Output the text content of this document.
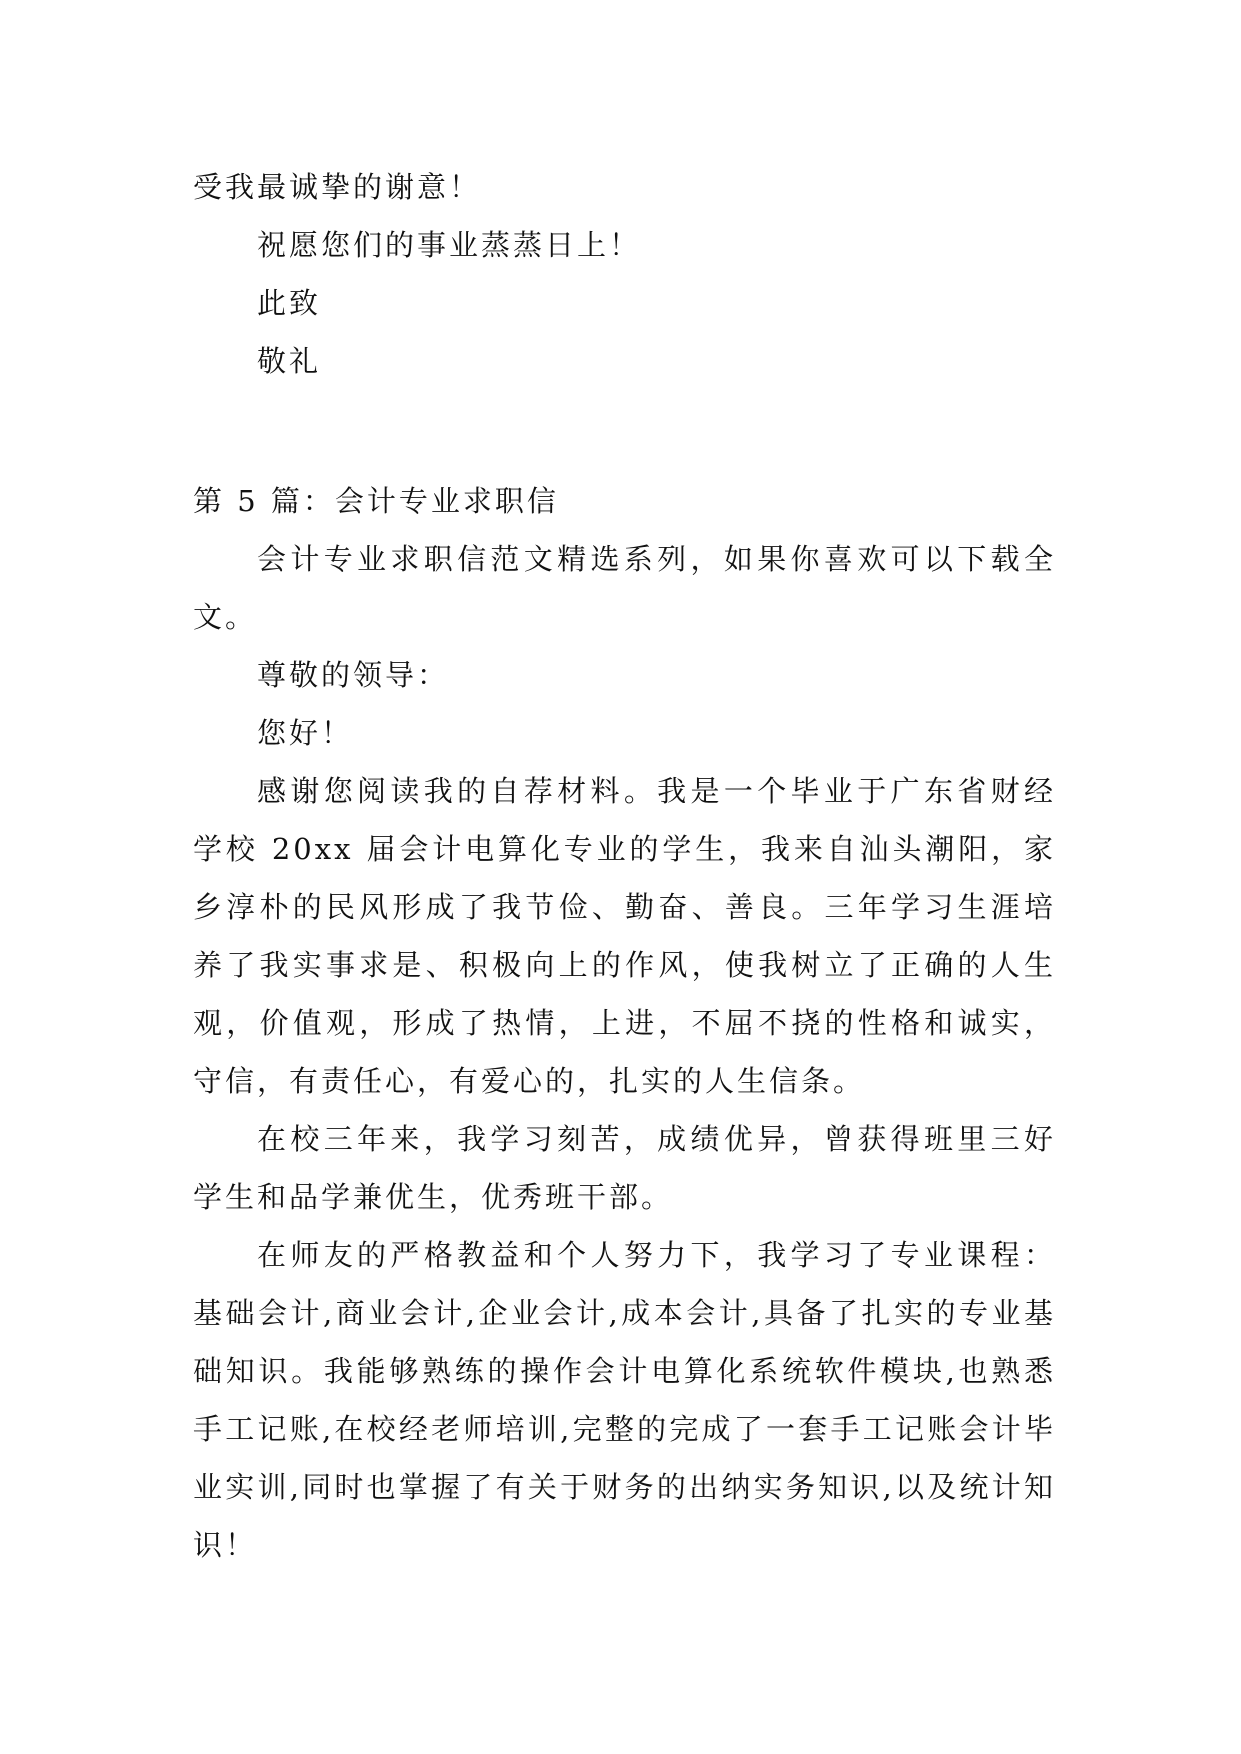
受我最诚挚的谢意！
祝愿您们的事业蒸蒸日上！
此致
敬礼
第 5 篇：会计专业求职信

会计专业求职信范文精选系列，如果你喜欢可以下载全文。

尊敬的领导：
您好！

感谢您阅读我的自荐材料。我是一个毕业于广东省财经学校 20xx 届会计电算化专业的学生，我来自汕头潮阳，家乡淳朴的民风形成了我节俭、勤奋、善良。三年学习生涯培养了我实事求是、积极向上的作风，使我树立了正确的人生观，价值观，形成了热情，上进，不屈不挠的性格和诚实，守信，有责任心，有爱心的，扎实的人生信条。

在校三年来，我学习刻苦，成绩优异，曾获得班里三好学生和品学兼优生，优秀班干部。

在师友的严格教益和个人努力下，我学习了专业课程：基础会计,商业会计,企业会计,成本会计,具备了扎实的专业基础知识。我能够熟练的操作会计电算化系统软件模块,也熟悉手工记账,在校经老师培训,完整的完成了一套手工记账会计毕业实训,同时也掌握了有关于财务的出纳实务知识,以及统计知识！
